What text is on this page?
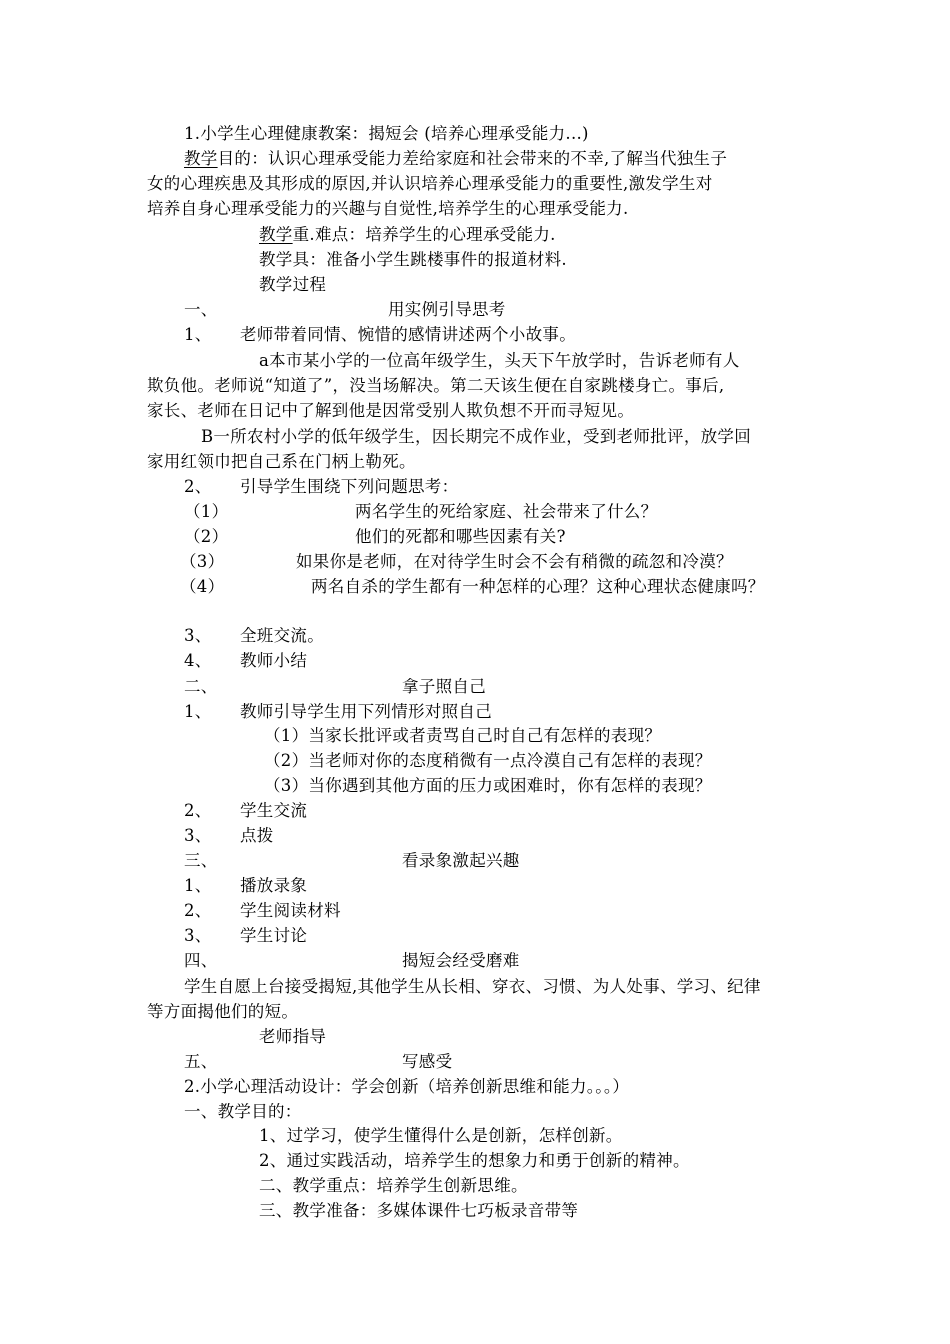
1.小学生心理健康教案：揭短会 (培养心理承受能力...)
教学目的：认识心理承受能力差给家庭和社会带来的不幸,了解当代独生子
女的心理疾患及其形成的原因,并认识培养心理承受能力的重要性,激发学生对
培养自身心理承受能力的兴趣与自觉性,培养学生的心理承受能力.
教学重.难点：培养学生的心理承受能力.
教学具：准备小学生跳楼事件的报道材料.
教学过程
一、	用实例引导思考
1、 老师带着同情、惋惜的感情讲述两个小故事。
a本市某小学的一位高年级学生，头天下午放学时，告诉老师有人
欺负他。老师说“知道了”，没当场解决。第二天该生便在自家跳楼身亡。事后,
家长、老师在日记中了解到他是因常受别人欺负想不开而寻短见。
B一所农村小学的低年级学生，因长期完不成作业，受到老师批评，放学回
家用红领巾把自己系在门柄上勒死。
2、 引导学生围绕下列问题思考：
（1）	两名学生的死给家庭、社会带来了什么？
（2）	他们的死都和哪些因素有关?
（3）	如果你是老师，在对待学生时会不会有稍微的疏忽和冷漠？
（4）	两名自杀的学生都有一种怎样的心理？这种心理状态健康吗？
3、 全班交流。
4、 教师小结
二、	拿子照自己
1、 教师引导学生用下列情形对照自己
（1）当家长批评或者责骂自己时自己有怎样的表现？
（2）当老师对你的态度稍微有一点冷漠自己有怎样的表现？
（3）当你遇到其他方面的压力或困难时，你有怎样的表现？
2、 学生交流
3、 点拨
三、	看录象激起兴趣
1、 播放录象
2、 学生阅读材料
3、 学生讨论
四、	揭短会经受磨难
学生自愿上台接受揭短,其他学生从长相、穿衣、习惯、为人处事、学习、纪律
等方面揭他们的短。
老师指导
五、	写感受
2.小学心理活动设计：学会创新（培养创新思维和能力。。。）
一、教学目的：
1、过学习，使学生懂得什么是创新，怎样创新。
2、通过实践活动，培养学生的想象力和勇于创新的精神。
二、教学重点：培养学生创新思维。
三、教学准备：多媒体课件七巧板录音带等
